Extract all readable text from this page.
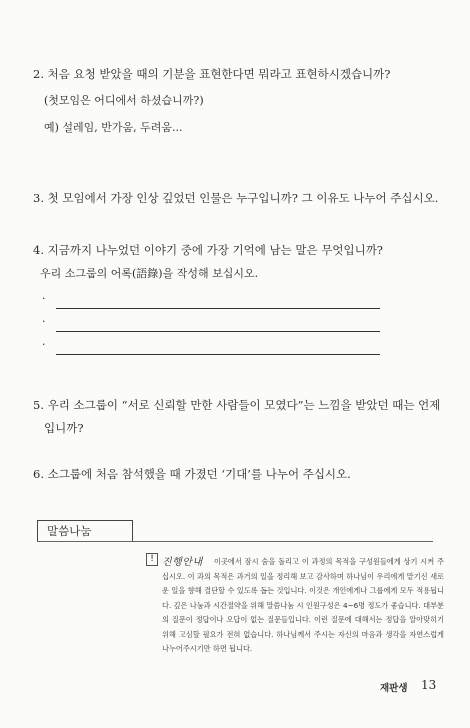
2. 처음 요청 받았을 때의 기분을 표현한다면 뭐라고 표현하시겠습니까?
(첫모임은 어디에서 하셨습니까?)
예) 설레임, 반가움, 두려움...
3. 첫 모임에서 가장 인상 깊었던 인물은 누구입니까? 그 이유도 나누어 주십시오.
4. 지금까지 나누었던 이야기 중에 가장 기억에 남는 말은 무엇입니까?
우리 소그룹의 어록(語錄)을 작성해 보십시오.
·
·
·
5. 우리 소그룹이 “서로 신뢰할 만한 사람들이 모였다”는 느낌을 받았던 때는 언제
입니까?
6. 소그룹에 처음 참석했을 때 가졌던 ‘기대’를 나누어 주십시오.
말씀나눔
! 진행안내	이곳에서 잠시 숨을 돌리고 이 과정의 목적을 구성원들에게 상기 시켜 주십시오. 이 과의 목적은 과거의 일을 정리해 보고 감사하며 하나님이 우리에게 맡기신 새로운 일을 향해 결단할 수 있도록 돕는 것입니다. 이것은 개인에게나 그룹에게 모두 적용됩니다. 깊은 나눔과 시간절약을 위해 말씀나눔 시 인원구성은 4~6명 정도가 좋습니다. 대부분의 질문이 정답이나 오답이 없는 질문들입니다. 이런 질문에 대해서는 정답을 알아맞히기 위해 고심할 필요가 전혀 없습니다. 하나님께서 주시는 자신의 마음과 생각을 자연스럽게 나누어주시기만 하면 됩니다.
재판생 13
